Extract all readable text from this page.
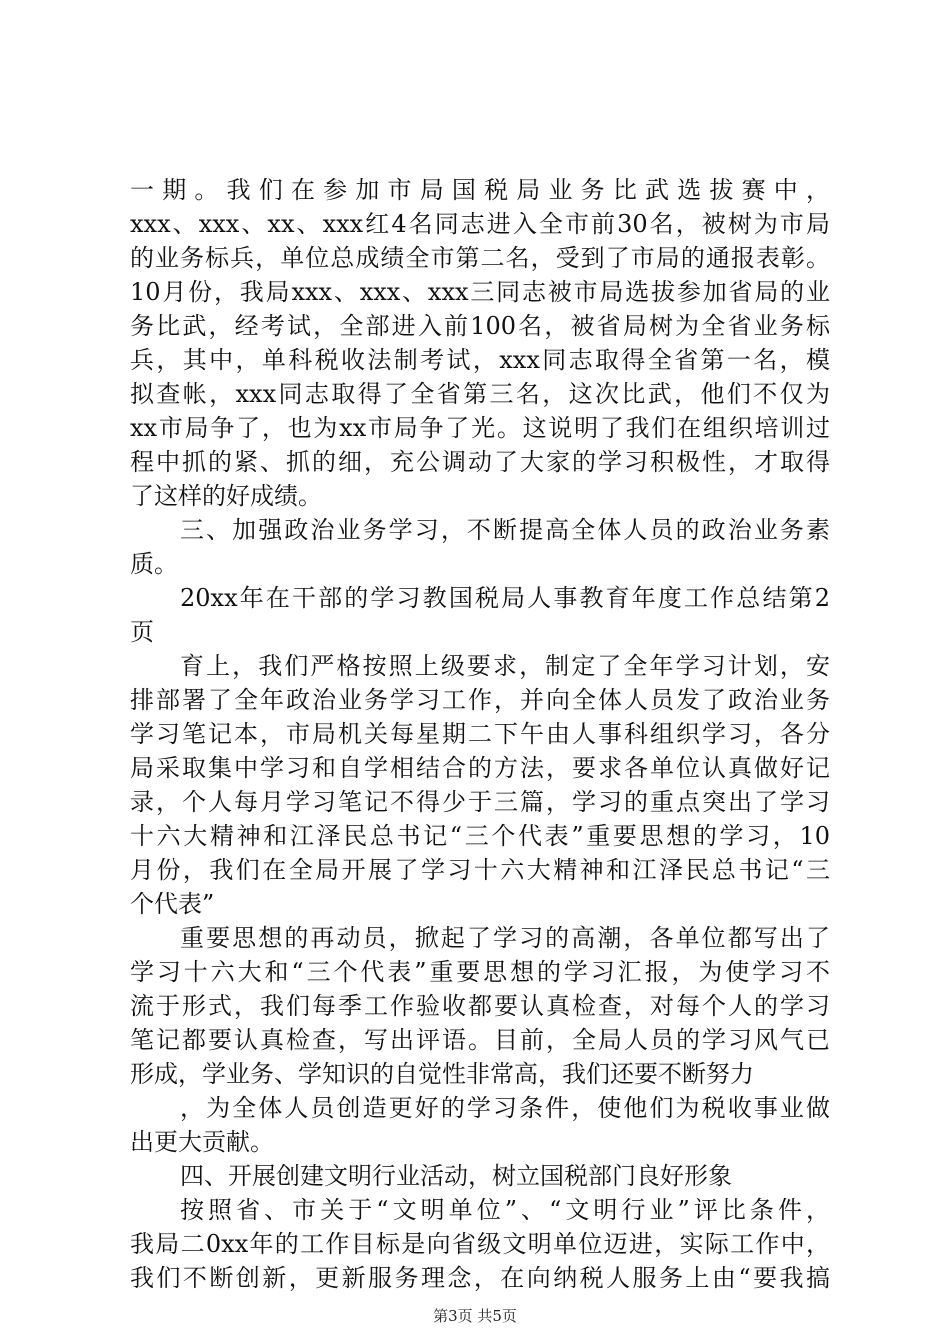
一期。我们在参加市局国税局业务比武选拔赛中，
xxx、xxx、xx、xxx红4名同志进入全市前30名，被树为市局
的业务标兵，单位总成绩全市第二名，受到了市局的通报表彰。
10月份，我局xxx、xxx、xxx三同志被市局选拔参加省局的业
务比武，经考试，全部进入前100名，被省局树为全省业务标
兵，其中，单科税收法制考试，xxx同志取得全省第一名，模
拟查帐，xxx同志取得了全省第三名，这次比武，他们不仅为
xx市局争了，也为xx市局争了光。这说明了我们在组织培训过
程中抓的紧、抓的细，充公调动了大家的学习积极性，才取得
了这样的好成绩。
三、加强政治业务学习，不断提高全体人员的政治业务素
质。
20xx年在干部的学习教国税局人事教育年度工作总结第2
页
育上，我们严格按照上级要求，制定了全年学习计划，安
排部署了全年政治业务学习工作，并向全体人员发了政治业务
学习笔记本，市局机关每星期二下午由人事科组织学习，各分
局采取集中学习和自学相结合的方法，要求各单位认真做好记
录，个人每月学习笔记不得少于三篇，学习的重点突出了学习
十六大精神和江泽民总书记“三个代表”重要思想的学习，10
月份，我们在全局开展了学习十六大精神和江泽民总书记“三
个代表”
重要思想的再动员，掀起了学习的高潮，各单位都写出了
学习十六大和“三个代表”重要思想的学习汇报，为使学习不
流于形式，我们每季工作验收都要认真检查，对每个人的学习
笔记都要认真检查，写出评语。目前，全局人员的学习风气已
形成，学业务、学知识的自觉性非常高，我们还要不断努力
，为全体人员创造更好的学习条件，使他们为税收事业做
出更大贡献。
四、开展创建文明行业活动，树立国税部门良好形象
按照省、市关于“文明单位”、“文明行业”评比条件，
我局二0xx年的工作目标是向省级文明单位迈进，实际工作中，
我们不断创新，更新服务理念，在向纳税人服务上由“要我搞
第3页 共5页
